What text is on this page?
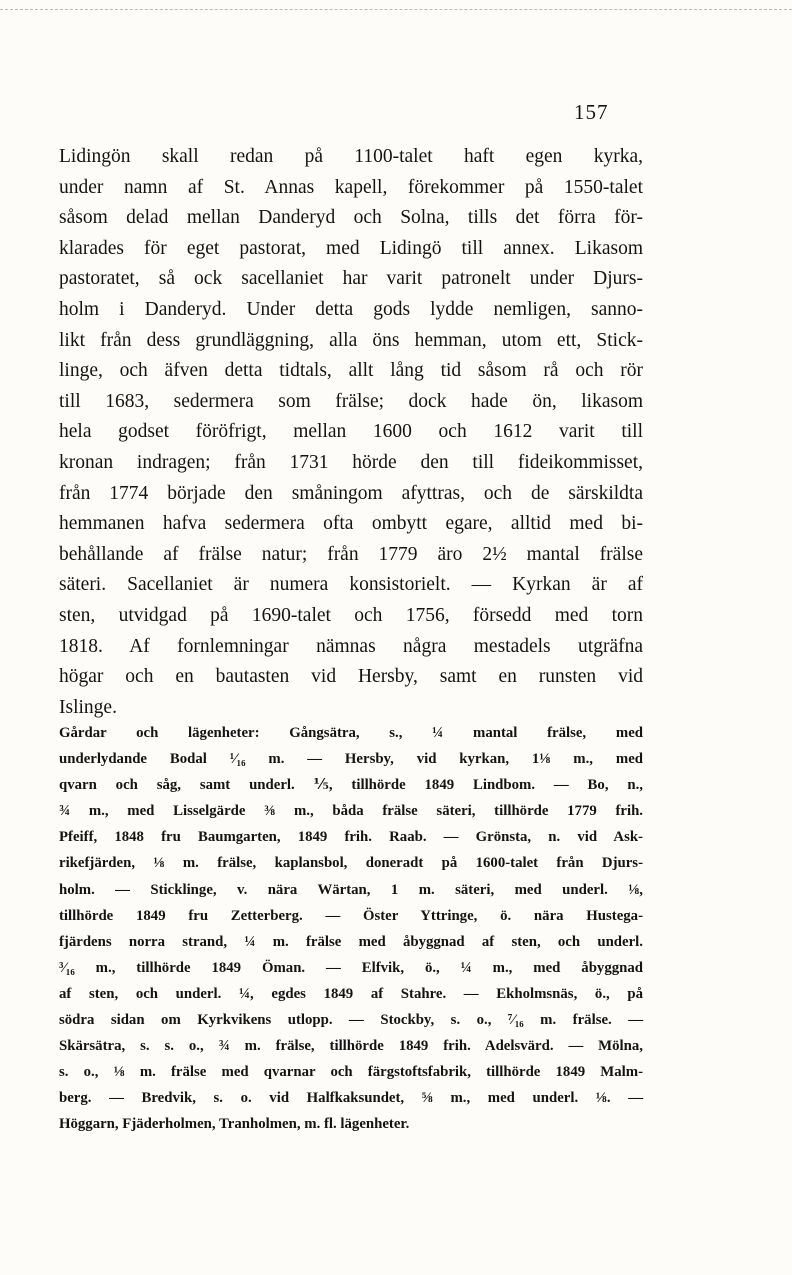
157
Lidingön skall redan på 1100-talet haft egen kyrka,
under namn af St. Annas kapell, förekommer på 1550-talet
såsom delad mellan Danderyd och Solna, tills det förra för-
klarades för eget pastorat, med Lidingö till annex. Likasom
pastoratet, så ock sacellaniet har varit patronelt under Djurs-
holm i Danderyd. Under detta gods lydde nemligen, sanno-
likt från dess grundläggning, alla öns hemman, utom ett, Stick-
linge, och äfven detta tidtals, allt lång tid såsom rå och rör
till 1683, sedermera som frälse; dock hade ön, likasom
hela godset föröfrigt, mellan 1600 och 1612 varit till
kronan indragen; från 1731 hörde den till fideikommisset,
från 1774 började den småningom afyttras, och de särskildta
hemmanen hafva sedermera ofta ombytt egare, alltid med bi-
behållande af frälse natur; från 1779 äro 2½ mantal frälse
säteri. Sacellaniet är numera konsistorielt. — Kyrkan är af
sten, utvidgad på 1690-talet och 1756, försedd med torn
1818. Af fornlemningar nämnas några mestadels utgräfna
högar och en bautasten vid Hersby, samt en runsten vid
Islinge.
Gårdar och lägenheter: Gångsätra, s., ¼ mantal frälse, med
underlydande Bodal ¹⁄₁₆ m. — Hersby, vid kyrkan, 1⅛ m., med
qvarn och såg, samt underl. ⅕, tillhörde 1849 Lindbom. — Bo, n.,
¾ m., med Lisselgärde ⅜ m., båda frälse säteri, tillhörde 1779 frih.
Pfeiff, 1848 fru Baumgarten, 1849 frih. Raab. — Grönsta, n. vid Ask-
rikefjärden, ⅛ m. frälse, kaplansbol, doneradt på 1600-talet från Djurs-
holm. — Sticklinge, v. nära Wärtan, 1 m. säteri, med underl. ⅛,
tillhörde 1849 fru Zetterberg. — Öster Yttringe, ö. nära Hustega-
fjärdens norra strand, ¼ m. frälse med åbyggnad af sten, och underl.
³⁄₁₆ m., tillhörde 1849 Öman. — Elfvik, ö., ¼ m., med åbyggnad
af sten, och underl. ¼, egdes 1849 af Stahre. — Ekholmsnäs, ö., på
södra sidan om Kyrkvikens utlopp. — Stockby, s. o., ⁷⁄₁₆ m. frälse. —
Skärsätra, s. s. o., ¾ m. frälse, tillhörde 1849 frih. Adelsvärd. — Mölna,
s. o., ⅛ m. frälse med qvarnar och färgstoftsfabrik, tillhörde 1849 Malm-
berg. — Bredvik, s. o. vid Halfkaksundet, ⅝ m., med underl. ⅛. —
Höggarn, Fjäderholmen, Tranholmen, m. fl. lägenheter.
